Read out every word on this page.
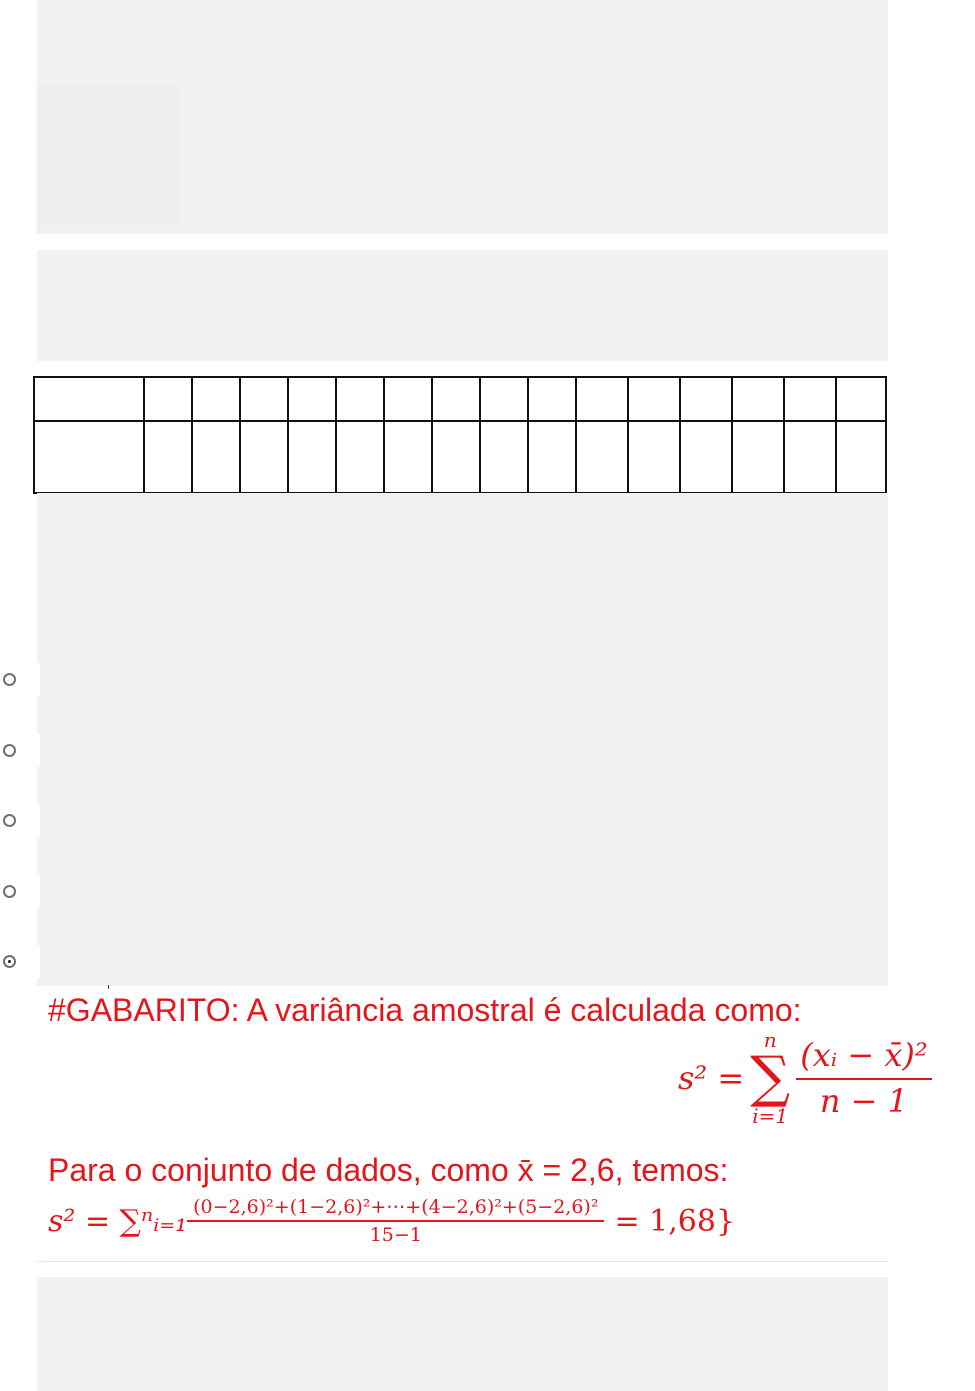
#GABARITO: A variância amostral é calculada como:
s² =
n
∑
$i=1 \frac{\text{(xᵢ − x̄)²}}{n - 1}$
Para o conjunto de dados, como x̄ = 2,6, temos:
s² = ∑ⁿᵢ₌₁ $\frac{\text{(0−2,6)²+(1−2,6)²+⋯+(4−2,6)²+(5−2,6)²}}{15-1} = 1,68$}
